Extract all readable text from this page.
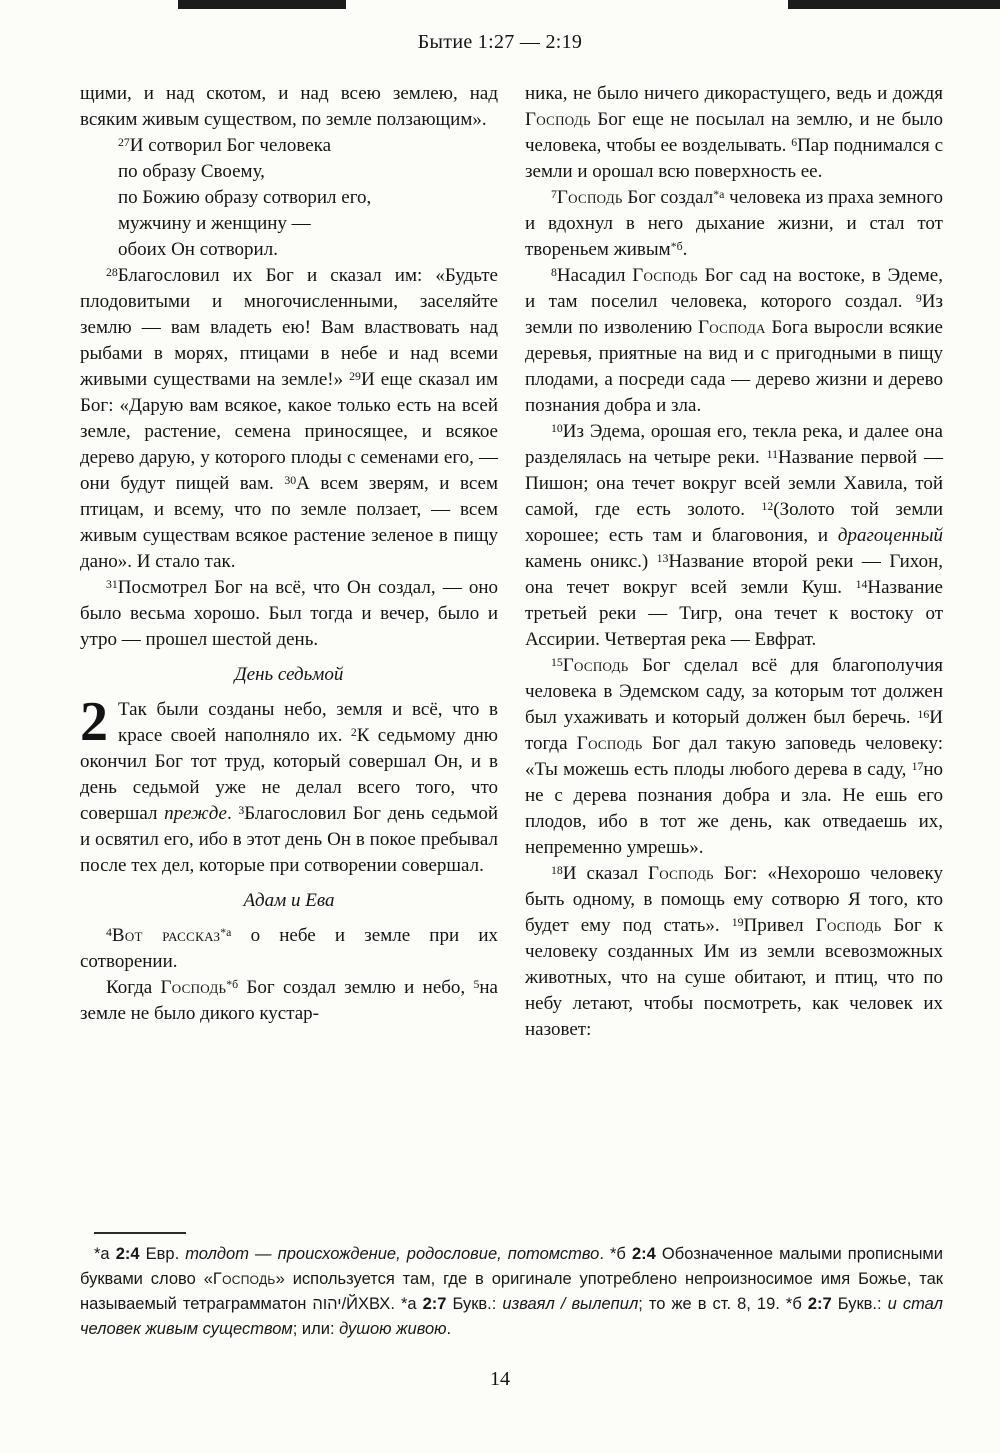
Бытие 1:27 — 2:19
щими, и над скотом, и над всею землею, над всяким живым существом, по земле ползающим».
$^{27}$И сотворил Бог человека
по образу Своему,
по Божию образу сотворил его,
мужчину и женщину —
обоих Он сотворил.
$^{28}$Благословил их Бог и сказал им: «Будьте плодовитыми и многочисленными, заселяйте землю — вам владеть ею! Вам властвовать над рыбами в морях, птицами в небе и над всеми живыми существами на земле!» $^{29}$И еще сказал им Бог: «Дарую вам всякое, какое только есть на всей земле, растение, семена приносящее, и всякое дерево дарую, у которого плоды с семенами его, — они будут пищей вам. $^{30}$А всем зверям, и всем птицам, и всему, что по земле ползает, — всем живым существам всякое растение зеленое в пищу дано». И стало так.
$^{31}$Посмотрел Бог на всё, что Он создал, — оно было весьма хорошо. Был тогда и вечер, было и утро — прошел шестой день.
День седьмой
2 Так были созданы небо, земля и всё, что в красе своей наполняло их. $^2$К седьмому дню окончил Бог тот труд, который совершал Он, и в день седьмой уже не делал всего того, что совершал прежде. $^3$Благословил Бог день седьмой и освятил его, ибо в этот день Он в покое пребывал после тех дел, которые при сотворении совершал.
Адам и Ева
$^4$Вот рассказ$^{*а}$ о небе и земле при их сотворении.
Когда Господь$^{*б}$ Бог создал землю и небо, $^5$на земле не было дикого кустар-
ника, не было ничего дикорастущего, ведь и дождя Господь Бог еще не посылал на землю, и не было человека, чтобы ее возделывать. $^6$Пар поднимался с земли и орошал всю поверхность ее.
$^7$Господь Бог создал$^{*а}$ человека из праха земного и вдохнул в него дыхание жизни, и стал тот твореньем живым$^{*б}$.
$^8$Насадил Господь Бог сад на востоке, в Эдеме, и там поселил человека, которого создал. $^9$Из земли по изволению Господа Бога выросли всякие деревья, приятные на вид и с пригодными в пищу плодами, а посреди сада — дерево жизни и дерево познания добра и зла.
$^{10}$Из Эдема, орошая его, текла река, и далее она разделялась на четыре реки. $^{11}$Название первой — Пишон; она течет вокруг всей земли Хавила, той самой, где есть золото. $^{12}$(Золото той земли хорошее; есть там и благовония, и драгоценный камень оникс.) $^{13}$Название второй реки — Гихон, она течет вокруг всей земли Куш. $^{14}$Название третьей реки — Тигр, она течет к востоку от Ассирии. Четвертая река — Евфрат.
$^{15}$Господь Бог сделал всё для благополучия человека в Эдемском саду, за которым тот должен был ухаживать и который должен был беречь. $^{16}$И тогда Господь Бог дал такую заповедь человеку: «Ты можешь есть плоды любого дерева в саду, $^{17}$но не с дерева познания добра и зла. Не ешь его плодов, ибо в тот же день, как отведаешь их, непременно умрешь».
$^{18}$И сказал Господь Бог: «Нехорошо человеку быть одному, в помощь ему сотворю Я того, кто будет ему под стать». $^{19}$Привел Господь Бог к человеку созданных Им из земли всевозможных животных, что на суше обитают, и птиц, что по небу летают, чтобы посмотреть, как человек их назовет:
*а 2:4 Евр. толдот — происхождение, родословие, потомство. *б 2:4 Обозначенное малыми прописными буквами слово «Господь» используется там, где в оригинале употреблено непроизносимое имя Божье, так называемый тетраграмматон יהוה/ЙХВХ. *а 2:7 Букв.: изваял / вылепил; то же в ст. 8, 19. *б 2:7 Букв.: и стал человек живым существом; или: душою живою.
14
